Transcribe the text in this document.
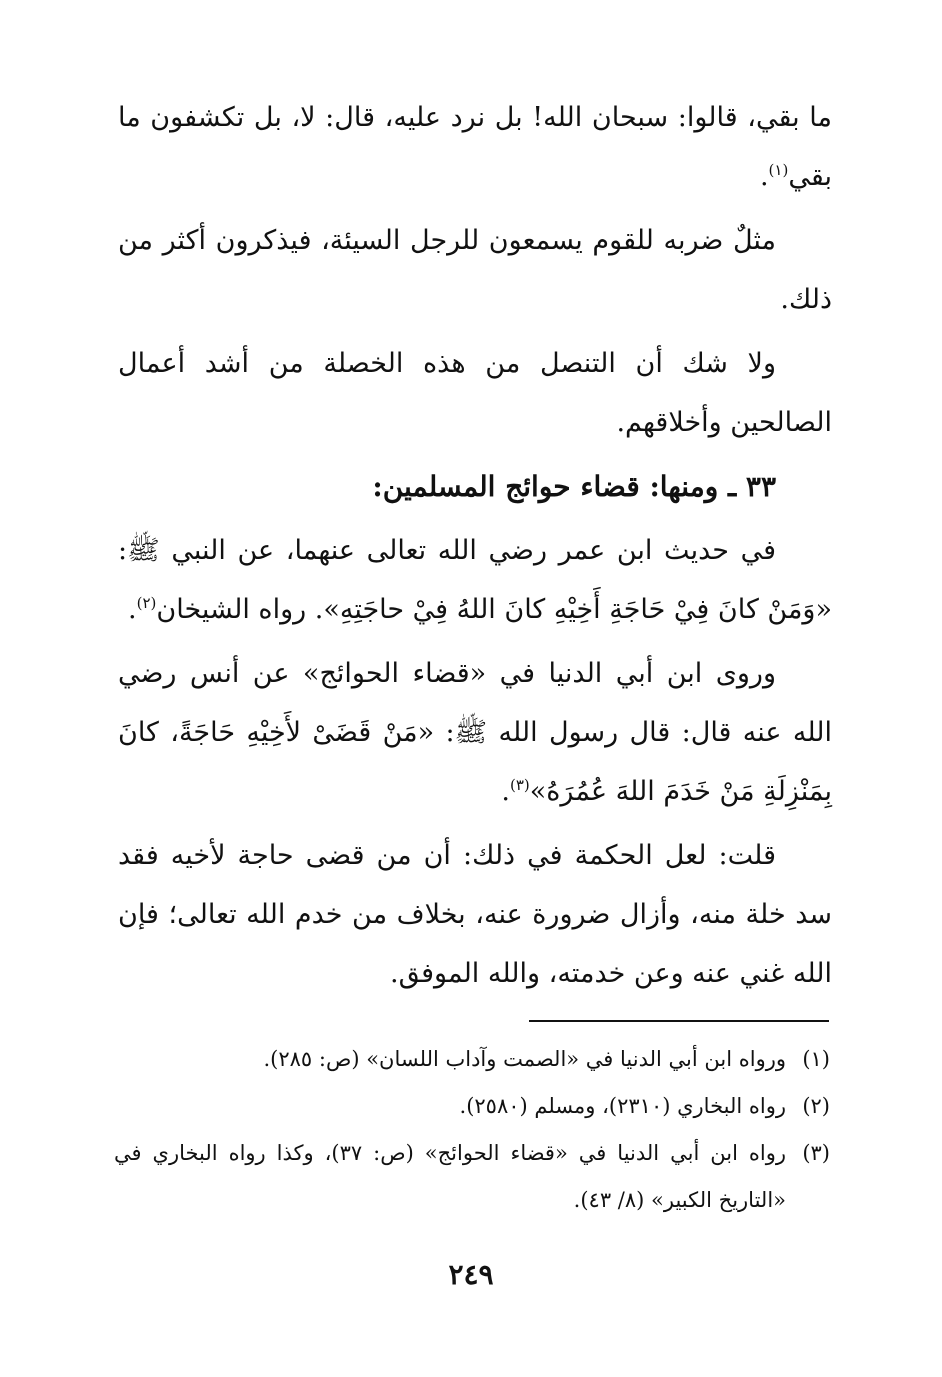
ما بقي، قالوا: سبحان الله! بل نرد عليه، قال: لا، بل تكشفون ما بقي$^{(١)}$.

مثلٌ ضربه للقوم يسمعون للرجل السيئة، فيذكرون أكثر من ذلك.

ولا شك أن التنصل من هذه الخصلة من أشد أعمال الصالحين وأخلاقهم.

٣٣ ـ ومنها: قضاء حوائج المسلمين:

في حديث ابن عمر رضي الله تعالى عنهما، عن النبي ﷺ: «وَمَنْ كانَ فِيْ حَاجَةِ أَخِيْهِ كانَ اللهُ فِيْ حاجَتِهِ». رواه الشيخان$^{(٢)}$.

وروى ابن أبي الدنيا في «قضاء الحوائج» عن أنس رضي الله عنه قال: قال رسول الله ﷺ: «مَنْ قَضَىْ لأَخِيْهِ حَاجَةً، كانَ بِمَنْزِلَةِ مَنْ خَدَمَ اللهَ عُمُرَهُ»$^{(٣)}$.

قلت: لعل الحكمة في ذلك: أن من قضى حاجة لأخيه فقد سد خلة منه، وأزال ضرورة عنه، بخلاف من خدم الله تعالى؛ فإن الله غني عنه وعن خدمته، والله الموفق.

(١)
ورواه ابن أبي الدنيا في «الصمت وآداب اللسان» (ص: ٢٨٥).

(٢)
رواه البخاري (٢٣١٠)، ومسلم (٢٥٨٠).

(٣)
رواه ابن أبي الدنيا في «قضاء الحوائج» (ص: ٣٧)، وكذا رواه البخاري في «التاريخ الكبير» (٨/ ٤٣).

٢٤٩
